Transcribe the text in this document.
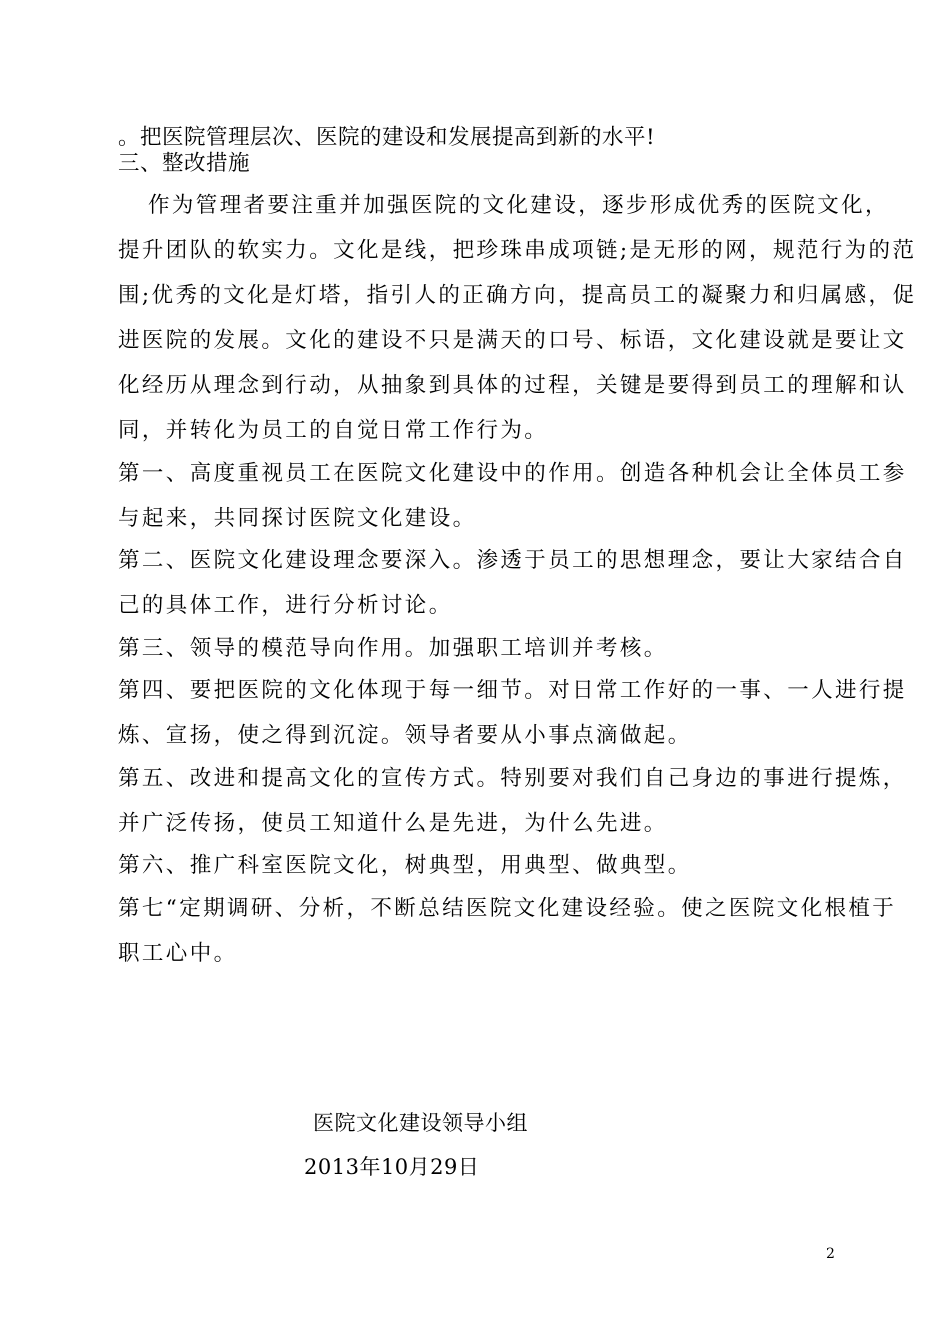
。把医院管理层次、医院的建设和发展提高到新的水平!
三、整改措施
作为管理者要注重并加强医院的文化建设，逐步形成优秀的医院文化，
提升团队的软实力。文化是线，把珍珠串成项链;是无形的网，规范行为的范
围;优秀的文化是灯塔，指引人的正确方向，提高员工的凝聚力和归属感，促
进医院的发展。文化的建设不只是满天的口号、标语，文化建设就是要让文
化经历从理念到行动，从抽象到具体的过程，关键是要得到员工的理解和认
同，并转化为员工的自觉日常工作行为。
第一、高度重视员工在医院文化建设中的作用。创造各种机会让全体员工参
与起来，共同探讨医院文化建设。
第二、医院文化建设理念要深入。渗透于员工的思想理念，要让大家结合自
己的具体工作，进行分析讨论。
第三、领导的模范导向作用。加强职工培训并考核。
第四、要把医院的文化体现于每一细节。对日常工作好的一事、一人进行提
炼、宣扬，使之得到沉淀。领导者要从小事点滴做起。
第五、改进和提高文化的宣传方式。特别要对我们自己身边的事进行提炼，
并广泛传扬，使员工知道什么是先进，为什么先进。
第六、推广科室医院文化，树典型，用典型、做典型。
第七“定期调研、分析，不断总结医院文化建设经验。使之医院文化根植于
职工心中。
医院文化建设领导小组
2013年10月29日
2
